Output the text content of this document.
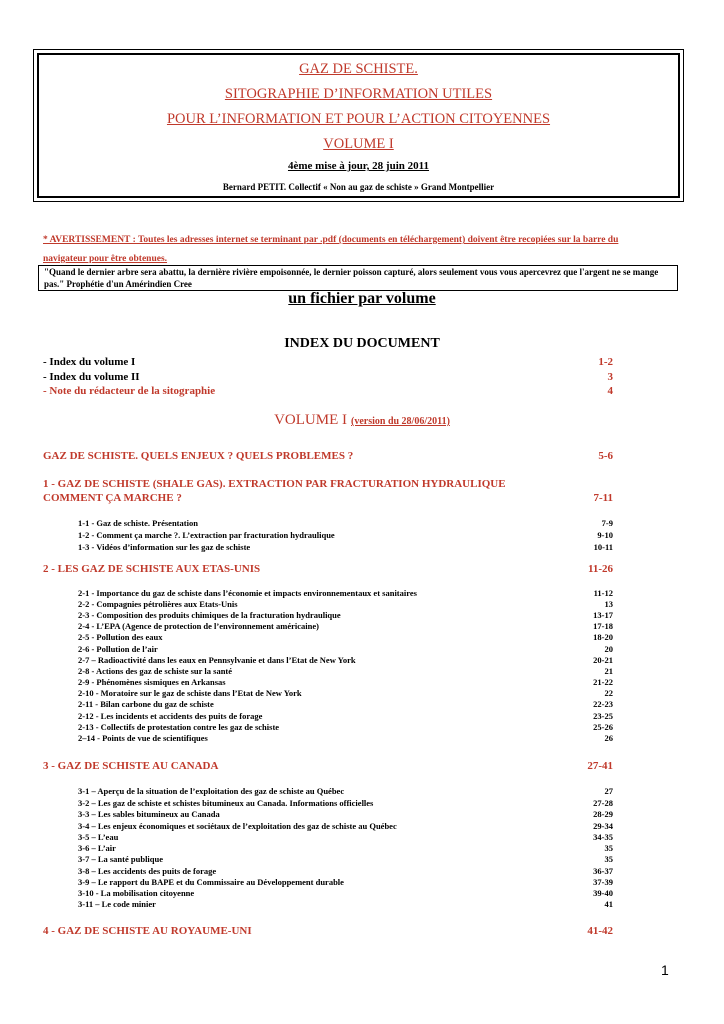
GAZ DE SCHISTE.
SITOGRAPHIE D’INFORMATION UTILES
POUR L’INFORMATION ET POUR L’ACTION CITOYENNES
VOLUME I
4ème mise à jour, 28 juin 2011
Bernard PETIT. Collectif « Non au gaz de schiste » Grand Montpellier
* AVERTISSEMENT : Toutes les adresses internet se terminant par .pdf (documents en téléchargement) doivent être recopiées sur la barre du navigateur pour être obtenues.
"Quand le dernier arbre sera abattu, la dernière rivière empoisonnée, le dernier poisson capturé, alors seulement vous vous apercevrez que l'argent ne se mange pas." Prophétie d'un Amérindien Cree
un fichier par volume
INDEX DU DOCUMENT
- Index du volume I	1-2
- Index du volume II	3
- Note du rédacteur de la sitographie	4
VOLUME I (version du 28/06/2011)
GAZ DE SCHISTE. QUELS ENJEUX ? QUELS PROBLEMES ?	5-6
1 - GAZ DE SCHISTE (SHALE GAS). EXTRACTION PAR FRACTURATION HYDRAULIQUE
COMMENT ÇA MARCHE ?	7-11
1-1 - Gaz de schiste. Présentation	7-9
1-2 - Comment ça marche ?. L’extraction par fracturation hydraulique	9-10
1-3 - Vidéos d’information sur les gaz de schiste	10-11
2 - LES GAZ DE SCHISTE AUX ETAS-UNIS	11-26
2-1 - Importance du gaz de schiste dans l’économie et impacts environnementaux et sanitaires	11-12
2-2 - Compagnies pétrolières aux Etats-Unis	13
2-3 - Composition des produits chimiques de la fracturation hydraulique	13-17
2-4 - L’EPA (Agence de protection de l’environnement américaine)	17-18
2-5 - Pollution des eaux	18-20
2-6 - Pollution de l’air	20
2-7 – Radioactivité dans les eaux en Pennsylvanie et dans l’Etat de New York	20-21
2-8 - Actions des gaz de schiste sur la santé	21
2-9 - Phénomènes sismiques en Arkansas	21-22
2-10 - Moratoire sur le gaz de schiste dans l’Etat de New York	22
2-11 - Bilan carbone du gaz de schiste	22-23
2-12 - Les incidents et accidents des puits de forage	23-25
2-13 - Collectifs de protestation contre les gaz de schiste	25-26
2–14 - Points de vue de scientifiques	26
3 - GAZ DE SCHISTE AU CANADA	27-41
3-1 – Aperçu de la situation de l’exploitation des gaz de schiste au Québec	27
3-2 – Les gaz de schiste et schistes bitumineux au Canada. Informations officielles	27-28
3-3 – Les sables bitumineux au Canada	28-29
3-4 – Les enjeux économiques et sociétaux de l’exploitation des gaz de schiste au Québec	29-34
3-5 – L’eau	34-35
3-6 – L’air	35
3-7 – La santé publique	35
3-8 – Les accidents des puits de forage	36-37
3-9 – Le rapport du BAPE et du Commissaire au Développement durable	37-39
3-10 - La mobilisation citoyenne	39-40
3-11 – Le code minier	41
4 - GAZ DE SCHISTE AU ROYAUME-UNI	41-42
1
